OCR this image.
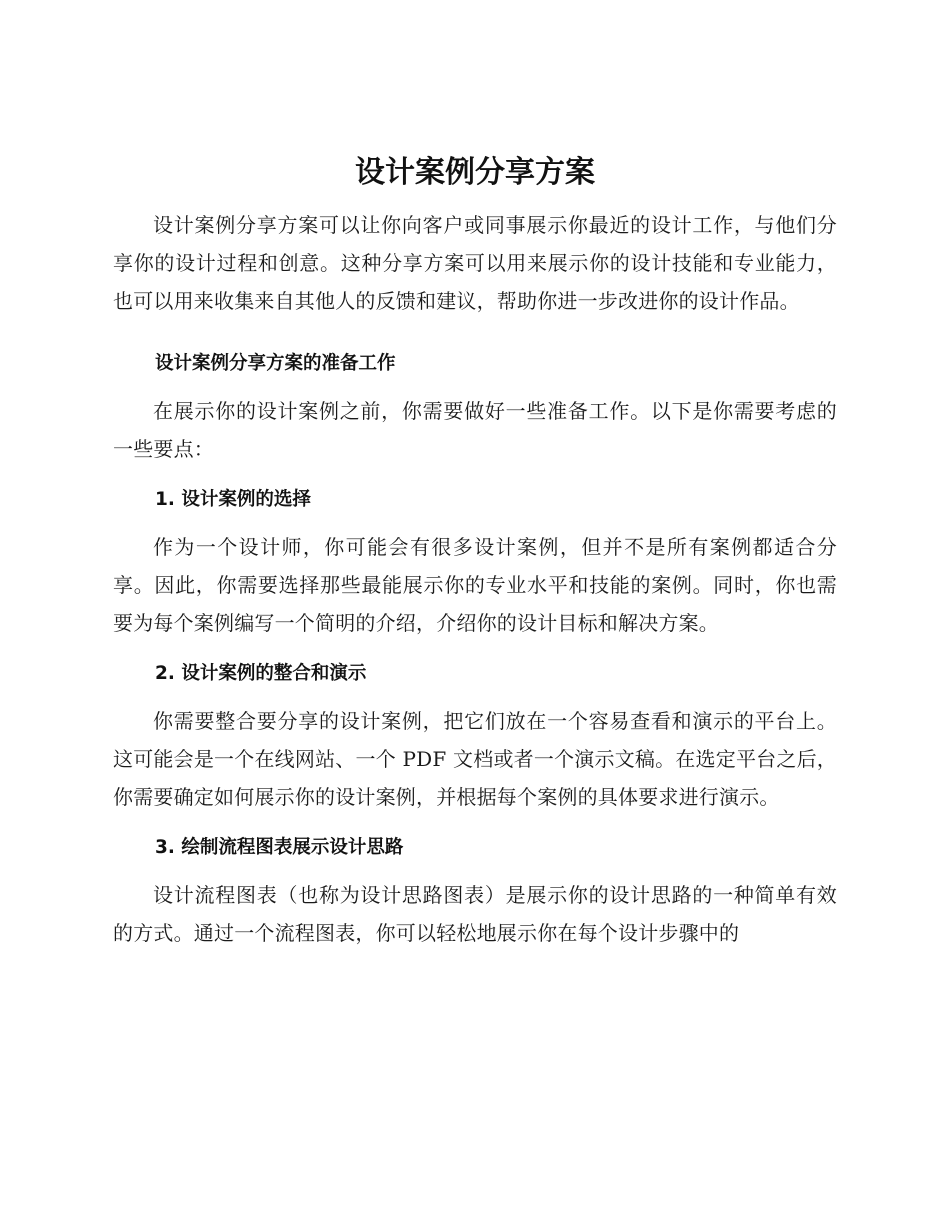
设计案例分享方案

设计案例分享方案可以让你向客户或同事展示你最近的设计工作，与他们分享你的设计过程和创意。这种分享方案可以用来展示你的设计技能和专业能力，也可以用来收集来自其他人的反馈和建议，帮助你进一步改进你的设计作品。

设计案例分享方案的准备工作

在展示你的设计案例之前，你需要做好一些准备工作。以下是你需要考虑的一些要点：

1. 设计案例的选择

作为一个设计师，你可能会有很多设计案例，但并不是所有案例都适合分享。因此，你需要选择那些最能展示你的专业水平和技能的案例。同时，你也需要为每个案例编写一个简明的介绍，介绍你的设计目标和解决方案。

2. 设计案例的整合和演示

你需要整合要分享的设计案例，把它们放在一个容易查看和演示的平台上。这可能会是一个在线网站、一个 PDF 文档或者一个演示文稿。在选定平台之后，你需要确定如何展示你的设计案例，并根据每个案例的具体要求进行演示。

3. 绘制流程图表展示设计思路

设计流程图表（也称为设计思路图表）是展示你的设计思路的一种简单有效的方式。通过一个流程图表，你可以轻松地展示你在每个设计步骤中的
